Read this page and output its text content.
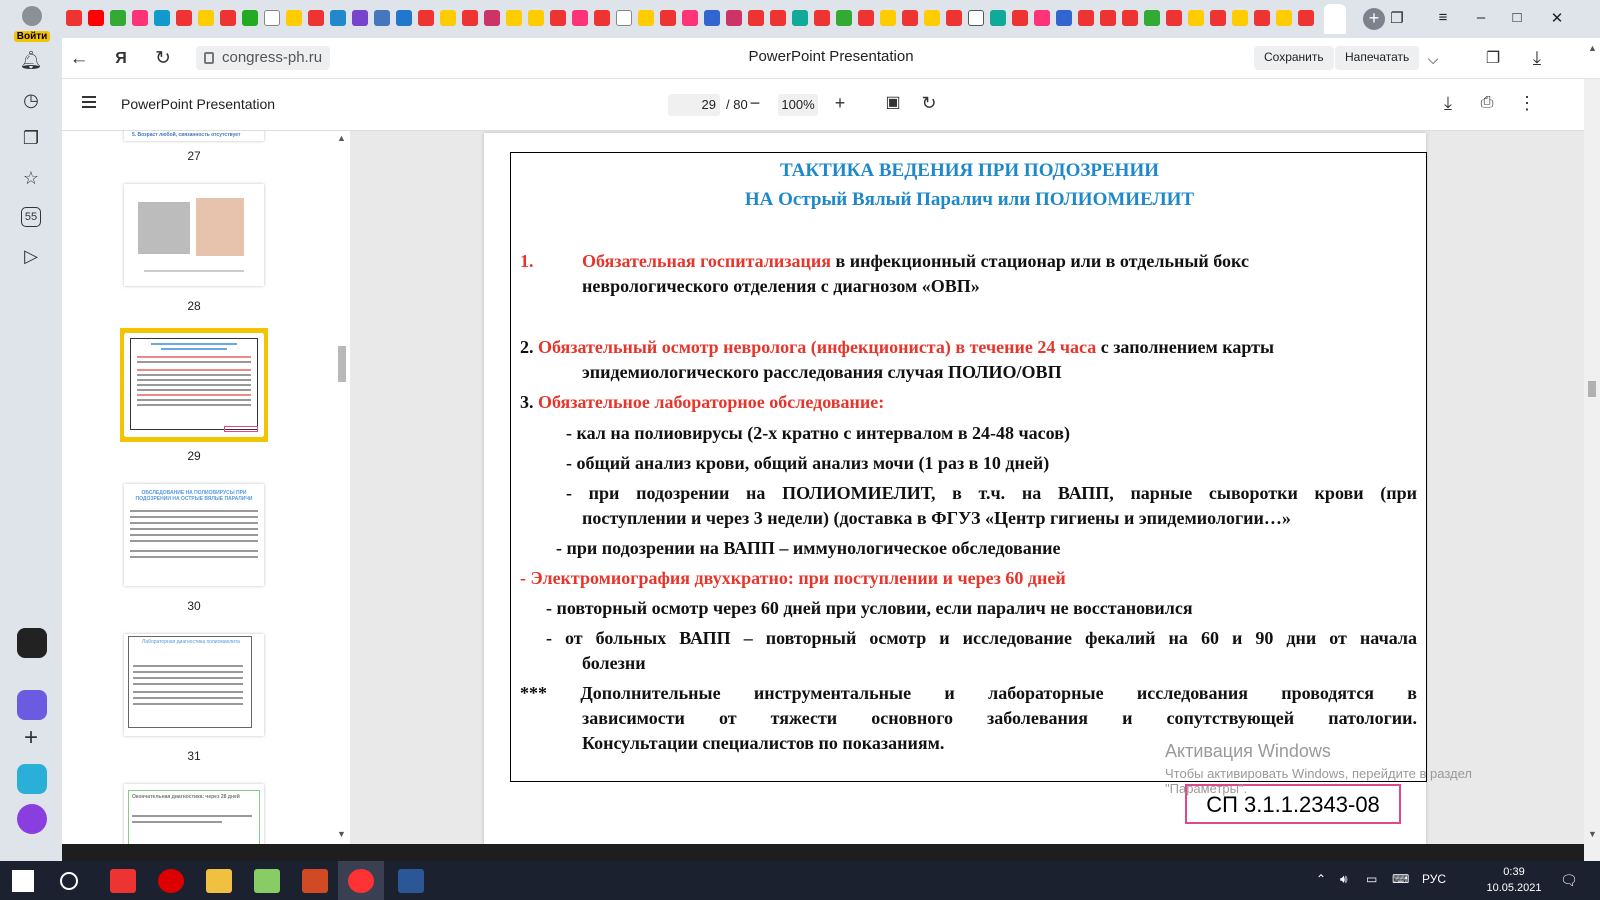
Войти
🔔︎
◷
❐
☆
55
▷
+
+ ❐	≡	–	□ ✕
←	Я ↻	congress-ph.ru	PowerPoint Presentation	Сохранить	Напечатать	⌵	❐	⤓
PowerPoint Presentation	29 / 80 −	100%	+	▣ ↻	⤓	⎙ ⋮
5. Возраст любой, связанность отсутствует
27
28
29
ОБСЛЕДОВАНИЕ НА ПОЛИОВИРУСЫ ПРИ ПОДОЗРЕНИИ НА ОСТРЫЕ ВЯЛЫЕ ПАРАЛИЧИ
30
Лабораторная диагностика полиомиелита
31
Окончательная диагностика: через 28 дней
▲
▼
ТАКТИКА ВЕДЕНИЯ ПРИ ПОДОЗРЕНИИ
НА Острый Вялый Паралич или ПОЛИОМИЕЛИТ
1.	Обязательная госпитализация в инфекционный стационар или в отдельный бокс
неврологического отделения с диагнозом «ОВП»
2. Обязательный осмотр невролога (инфекциониста) в течение 24 часа с заполнением карты
эпидемиологического расследования случая ПОЛИО/ОВП
3. Обязательное лабораторное обследование:
- кал на полиовирусы (2-х кратно с интервалом в 24-48 часов)
- общий анализ крови, общий анализ мочи (1 раз в 10 дней)
- при подозрении на ПОЛИОМИЕЛИТ, в т.ч. на ВАПП, парные сыворотки крови (при
поступлении и через 3 недели) (доставка в ФГУЗ «Центр гигиены и эпидемиологии…»
- при подозрении на ВАПП – иммунологическое обследование
- Электромиография двухкратно: при поступлении и через 60 дней
- повторный осмотр через 60 дней при условии, если паралич не восстановился
- от больных ВАПП – повторный осмотр и исследование фекалий на 60 и 90 дни от начала
болезни
*** Дополнительные инструментальные и лабораторные исследования проводятся в
зависимости от тяжести основного заболевания и сопутствующей патологии.
Консультации специалистов по показаниям.
СП 3.1.1.2343-08
Активация Windows
Чтобы активировать Windows, перейдите в раздел
"Параметры".
▲
▼
⌃ 🔊︎ ▭ ⌨ РУС	0:39
10.05.2021 🗨︎
